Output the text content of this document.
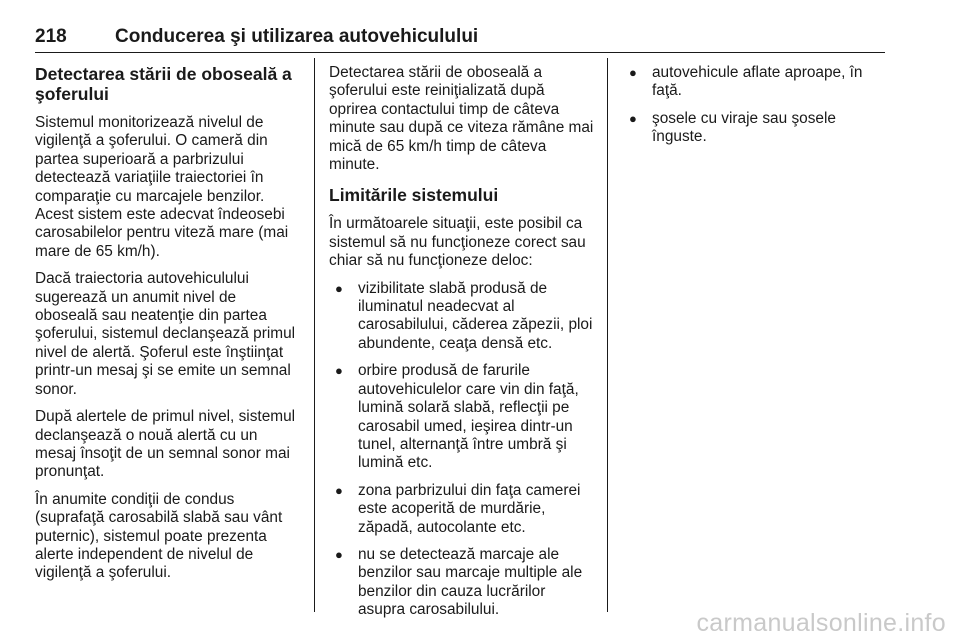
218	Conducerea şi utilizarea autovehiculului
Detectarea stării de oboseală a şoferului

Sistemul monitorizează nivelul de vigilenţă a şoferului. O cameră din partea superioară a parbrizului detectează variaţiile traiectoriei în comparaţie cu marcajele benzilor. Acest sistem este adecvat îndeosebi carosabilelor pentru viteză mare (mai mare de 65 km/h).

Dacă traiectoria autovehiculului sugerează un anumit nivel de oboseală sau neatenţie din partea şoferului, sistemul declanşează primul nivel de alertă. Şoferul este înştiinţat printr-un mesaj şi se emite un semnal sonor.

După alertele de primul nivel, sistemul declanşează o nouă alertă cu un mesaj însoţit de un semnal sonor mai pronunţat.

În anumite condiţii de condus (suprafaţă carosabilă slabă sau vânt puternic), sistemul poate prezenta alerte independent de nivelul de vigilenţă a şoferului.

Detectarea stării de oboseală a şoferului este reiniţializată după oprirea contactului timp de câteva minute sau după ce viteza rămâne mai mică de 65 km/h timp de câteva minute.

Limitările sistemului

În următoarele situaţii, este posibil ca sistemul să nu funcţioneze corect sau chiar să nu funcţioneze deloc:

● vizibilitate slabă produsă de iluminatul neadecvat al carosabilului, căderea zăpezii, ploi abundente, ceaţa densă etc.
● orbire produsă de farurile autovehiculelor care vin din faţă, lumină solară slabă, reflecţii pe carosabil umed, ieşirea dintr-un tunel, alternanţă între umbră şi lumină etc.
● zona parbrizului din faţa camerei este acoperită de murdărie, zăpadă, autocolante etc.
● nu se detectează marcaje ale benzilor sau marcaje multiple ale benzilor din cauza lucrărilor asupra carosabilului.
● autovehicule aflate aproape, în faţă.
● şosele cu viraje sau şosele înguste.
carmanualsonline.info
